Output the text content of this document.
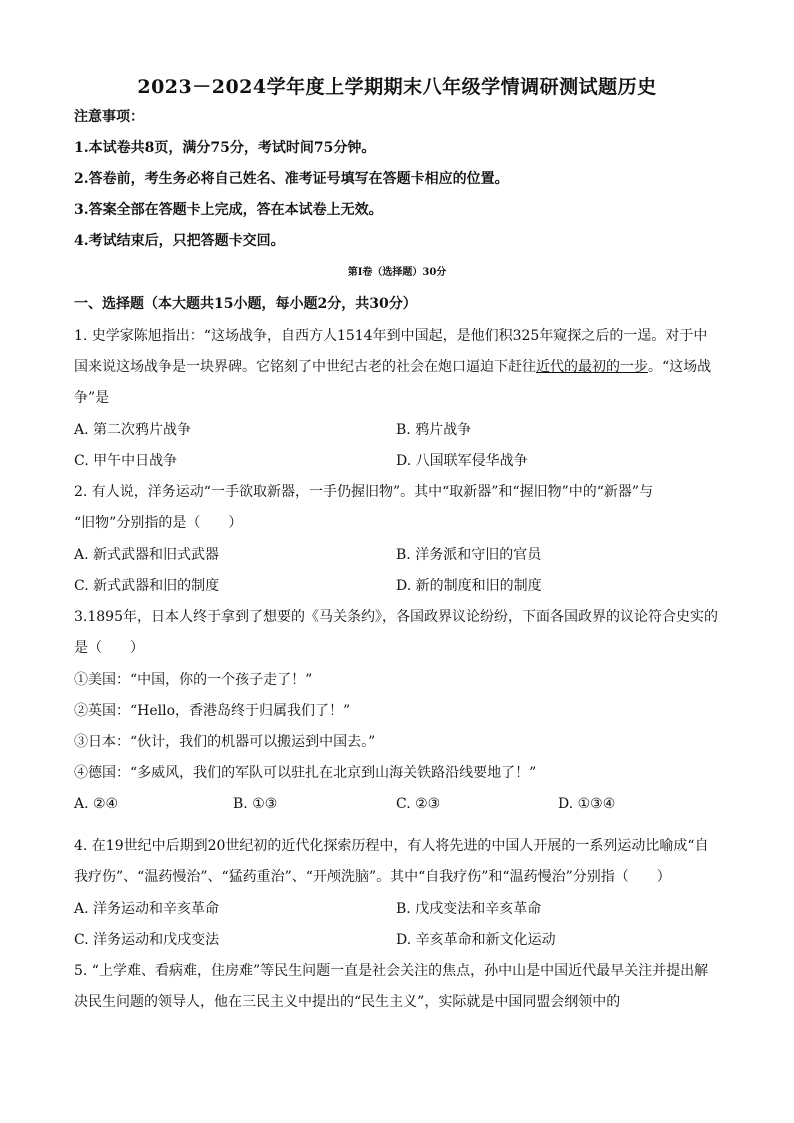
2023－2024学年度上学期期末八年级学情调研测试题历史
注意事项：
1.本试卷共8页，满分75分，考试时间75分钟。
2.答卷前，考生务必将自己姓名、准考证号填写在答题卡相应的位置。
3.答案全部在答题卡上完成，答在本试卷上无效。
4.考试结束后，只把答题卡交回。
第Ⅰ卷（选择题）30分
一、选择题（本大题共15小题，每小题2分，共30分）
1. 史学家陈旭指出：“这场战争，自西方人1514年到中国起，是他们积325年窥探之后的一逞。对于中
国来说这场战争是一块界碑。它铭刻了中世纪古老的社会在炮口逼迫下赶往近代的最初的一步。“这场战
争”是
A. 第二次鸦片战争	B. 鸦片战争
C. 甲午中日战争	D. 八国联军侵华战争
2. 有人说，洋务运动“一手欲取新器，一手仍握旧物”。其中“取新器”和“握旧物”中的“新器”与
“旧物”分别指的是（　　）
A. 新式武器和旧式武器	B. 洋务派和守旧的官员
C. 新式武器和旧的制度	D. 新的制度和旧的制度
3.1895年，日本人终于拿到了想要的《马关条约》，各国政界议论纷纷，下面各国政界的议论符合史实的
是（　　）
①美国：“中国，你的一个孩子走了！”
②英国：“Hello，香港岛终于归属我们了！”
③日本：“伙计，我们的机器可以搬运到中国去。”
④德国：“多威风，我们的军队可以驻扎在北京到山海关铁路沿线要地了！”
A. ②④	B. ①③	C. ②③	D. ①③④
4. 在19世纪中后期到20世纪初的近代化探索历程中，有人将先进的中国人开展的一系列运动比喻成“自
我疗伤”、“温药慢治”、“猛药重治”、“开颅洗脑”。其中“自我疗伤”和“温药慢治”分别指（　　）
A. 洋务运动和辛亥革命	B. 戊戌变法和辛亥革命
C. 洋务运动和戊戌变法	D. 辛亥革命和新文化运动
5. “上学难、看病难，住房难”等民生问题一直是社会关注的焦点，孙中山是中国近代最早关注并提出解
决民生问题的领导人，他在三民主义中提出的“民生主义”，实际就是中国同盟会纲领中的
